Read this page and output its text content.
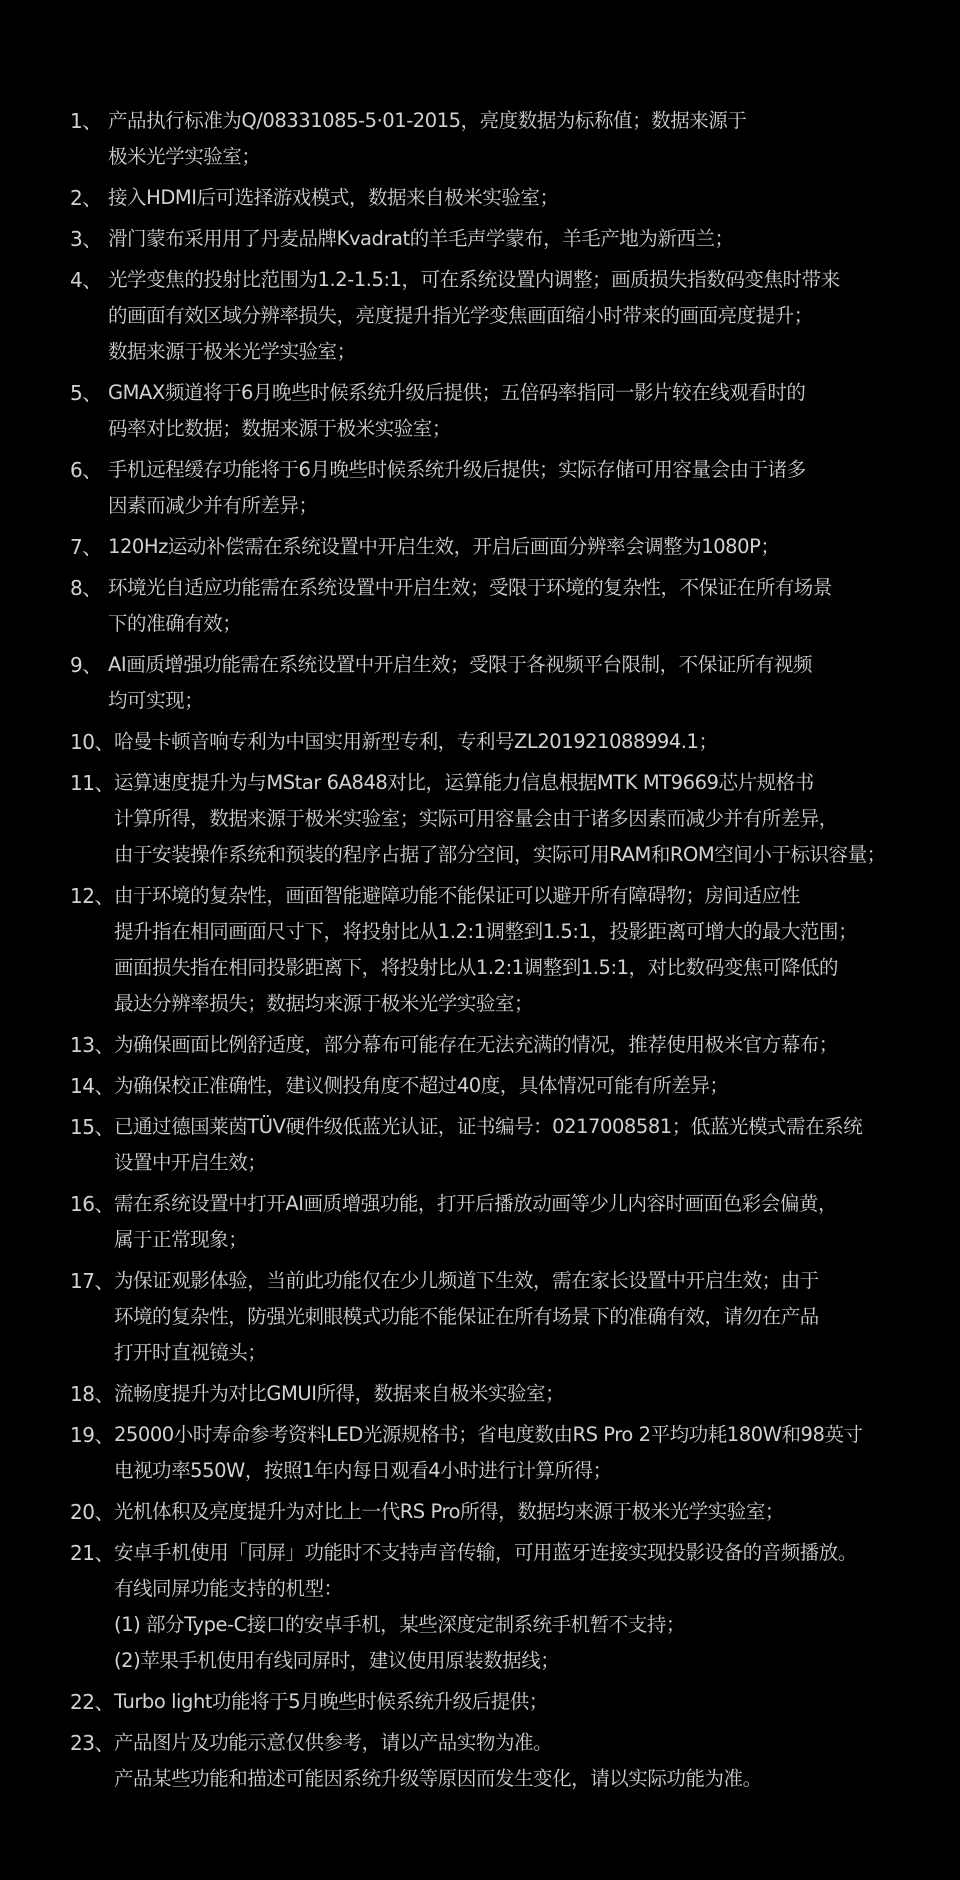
1、 产品执行标准为Q/08331085-5·01-2015，亮度数据为标称值；数据来源于
极米光学实验室；
2、 接入HDMI后可选择游戏模式，数据来自极米实验室；
3、 滑门蒙布采用用了丹麦品牌Kvadrat的羊毛声学蒙布，羊毛产地为新西兰；
4、 光学变焦的投射比范围为1.2-1.5:1，可在系统设置内调整；画质损失指数码变焦时带来
的画面有效区域分辨率损失，亮度提升指光学变焦画面缩小时带来的画面亮度提升；
数据来源于极米光学实验室；
5、 GMAX频道将于6月晚些时候系统升级后提供；五倍码率指同一影片较在线观看时的
码率对比数据；数据来源于极米实验室；
6、 手机远程缓存功能将于6月晚些时候系统升级后提供；实际存储可用容量会由于诸多
因素而减少并有所差异；
7、 120Hz运动补偿需在系统设置中开启生效，开启后画面分辨率会调整为1080P；
8、 环境光自适应功能需在系统设置中开启生效；受限于环境的复杂性，不保证在所有场景
下的准确有效；
9、 AI画质增强功能需在系统设置中开启生效；受限于各视频平台限制，不保证所有视频
均可实现；
10、 哈曼卡顿音响专利为中国实用新型专利，专利号ZL201921088994.1；
11、 运算速度提升为与MStar 6A848对比，运算能力信息根据MTK MT9669芯片规格书
计算所得，数据来源于极米实验室；实际可用容量会由于诸多因素而减少并有所差异，
由于安装操作系统和预装的程序占据了部分空间，实际可用RAM和ROM空间小于标识容量；
12、 由于环境的复杂性，画面智能避障功能不能保证可以避开所有障碍物；房间适应性
提升指在相同画面尺寸下，将投射比从1.2:1调整到1.5:1，投影距离可增大的最大范围；
画面损失指在相同投影距离下，将投射比从1.2:1调整到1.5:1，对比数码变焦可降低的
最达分辨率损失；数据均来源于极米光学实验室；
13、 为确保画面比例舒适度，部分幕布可能存在无法充满的情况，推荐使用极米官方幕布；
14、 为确保校正准确性，建议侧投角度不超过40度，具体情况可能有所差异；
15、 已通过德国莱茵TÜV硬件级低蓝光认证，证书编号：0217008581；低蓝光模式需在系统
设置中开启生效；
16、 需在系统设置中打开AI画质增强功能，打开后播放动画等少儿内容时画面色彩会偏黄，
属于正常现象；
17、 为保证观影体验，当前此功能仅在少儿频道下生效，需在家长设置中开启生效；由于
环境的复杂性，防强光刺眼模式功能不能保证在所有场景下的准确有效，请勿在产品
打开时直视镜头；
18、 流畅度提升为对比GMUI所得，数据来自极米实验室；
19、 25000小时寿命参考资料LED光源规格书；省电度数由RS Pro 2平均功耗180W和98英寸
电视功率550W，按照1年内每日观看4小时进行计算所得；
20、 光机体积及亮度提升为对比上一代RS Pro所得，数据均来源于极米光学实验室；
21、 安卓手机使用「同屏」功能时不支持声音传输，可用蓝牙连接实现投影设备的音频播放。
有线同屏功能支持的机型：
(1) 部分Type-C接口的安卓手机，某些深度定制系统手机暂不支持；
(2)苹果手机使用有线同屏时，建议使用原装数据线；
22、 Turbo light功能将于5月晚些时候系统升级后提供；
23、 产品图片及功能示意仅供参考，请以产品实物为准。
产品某些功能和描述可能因系统升级等原因而发生变化，请以实际功能为准。
